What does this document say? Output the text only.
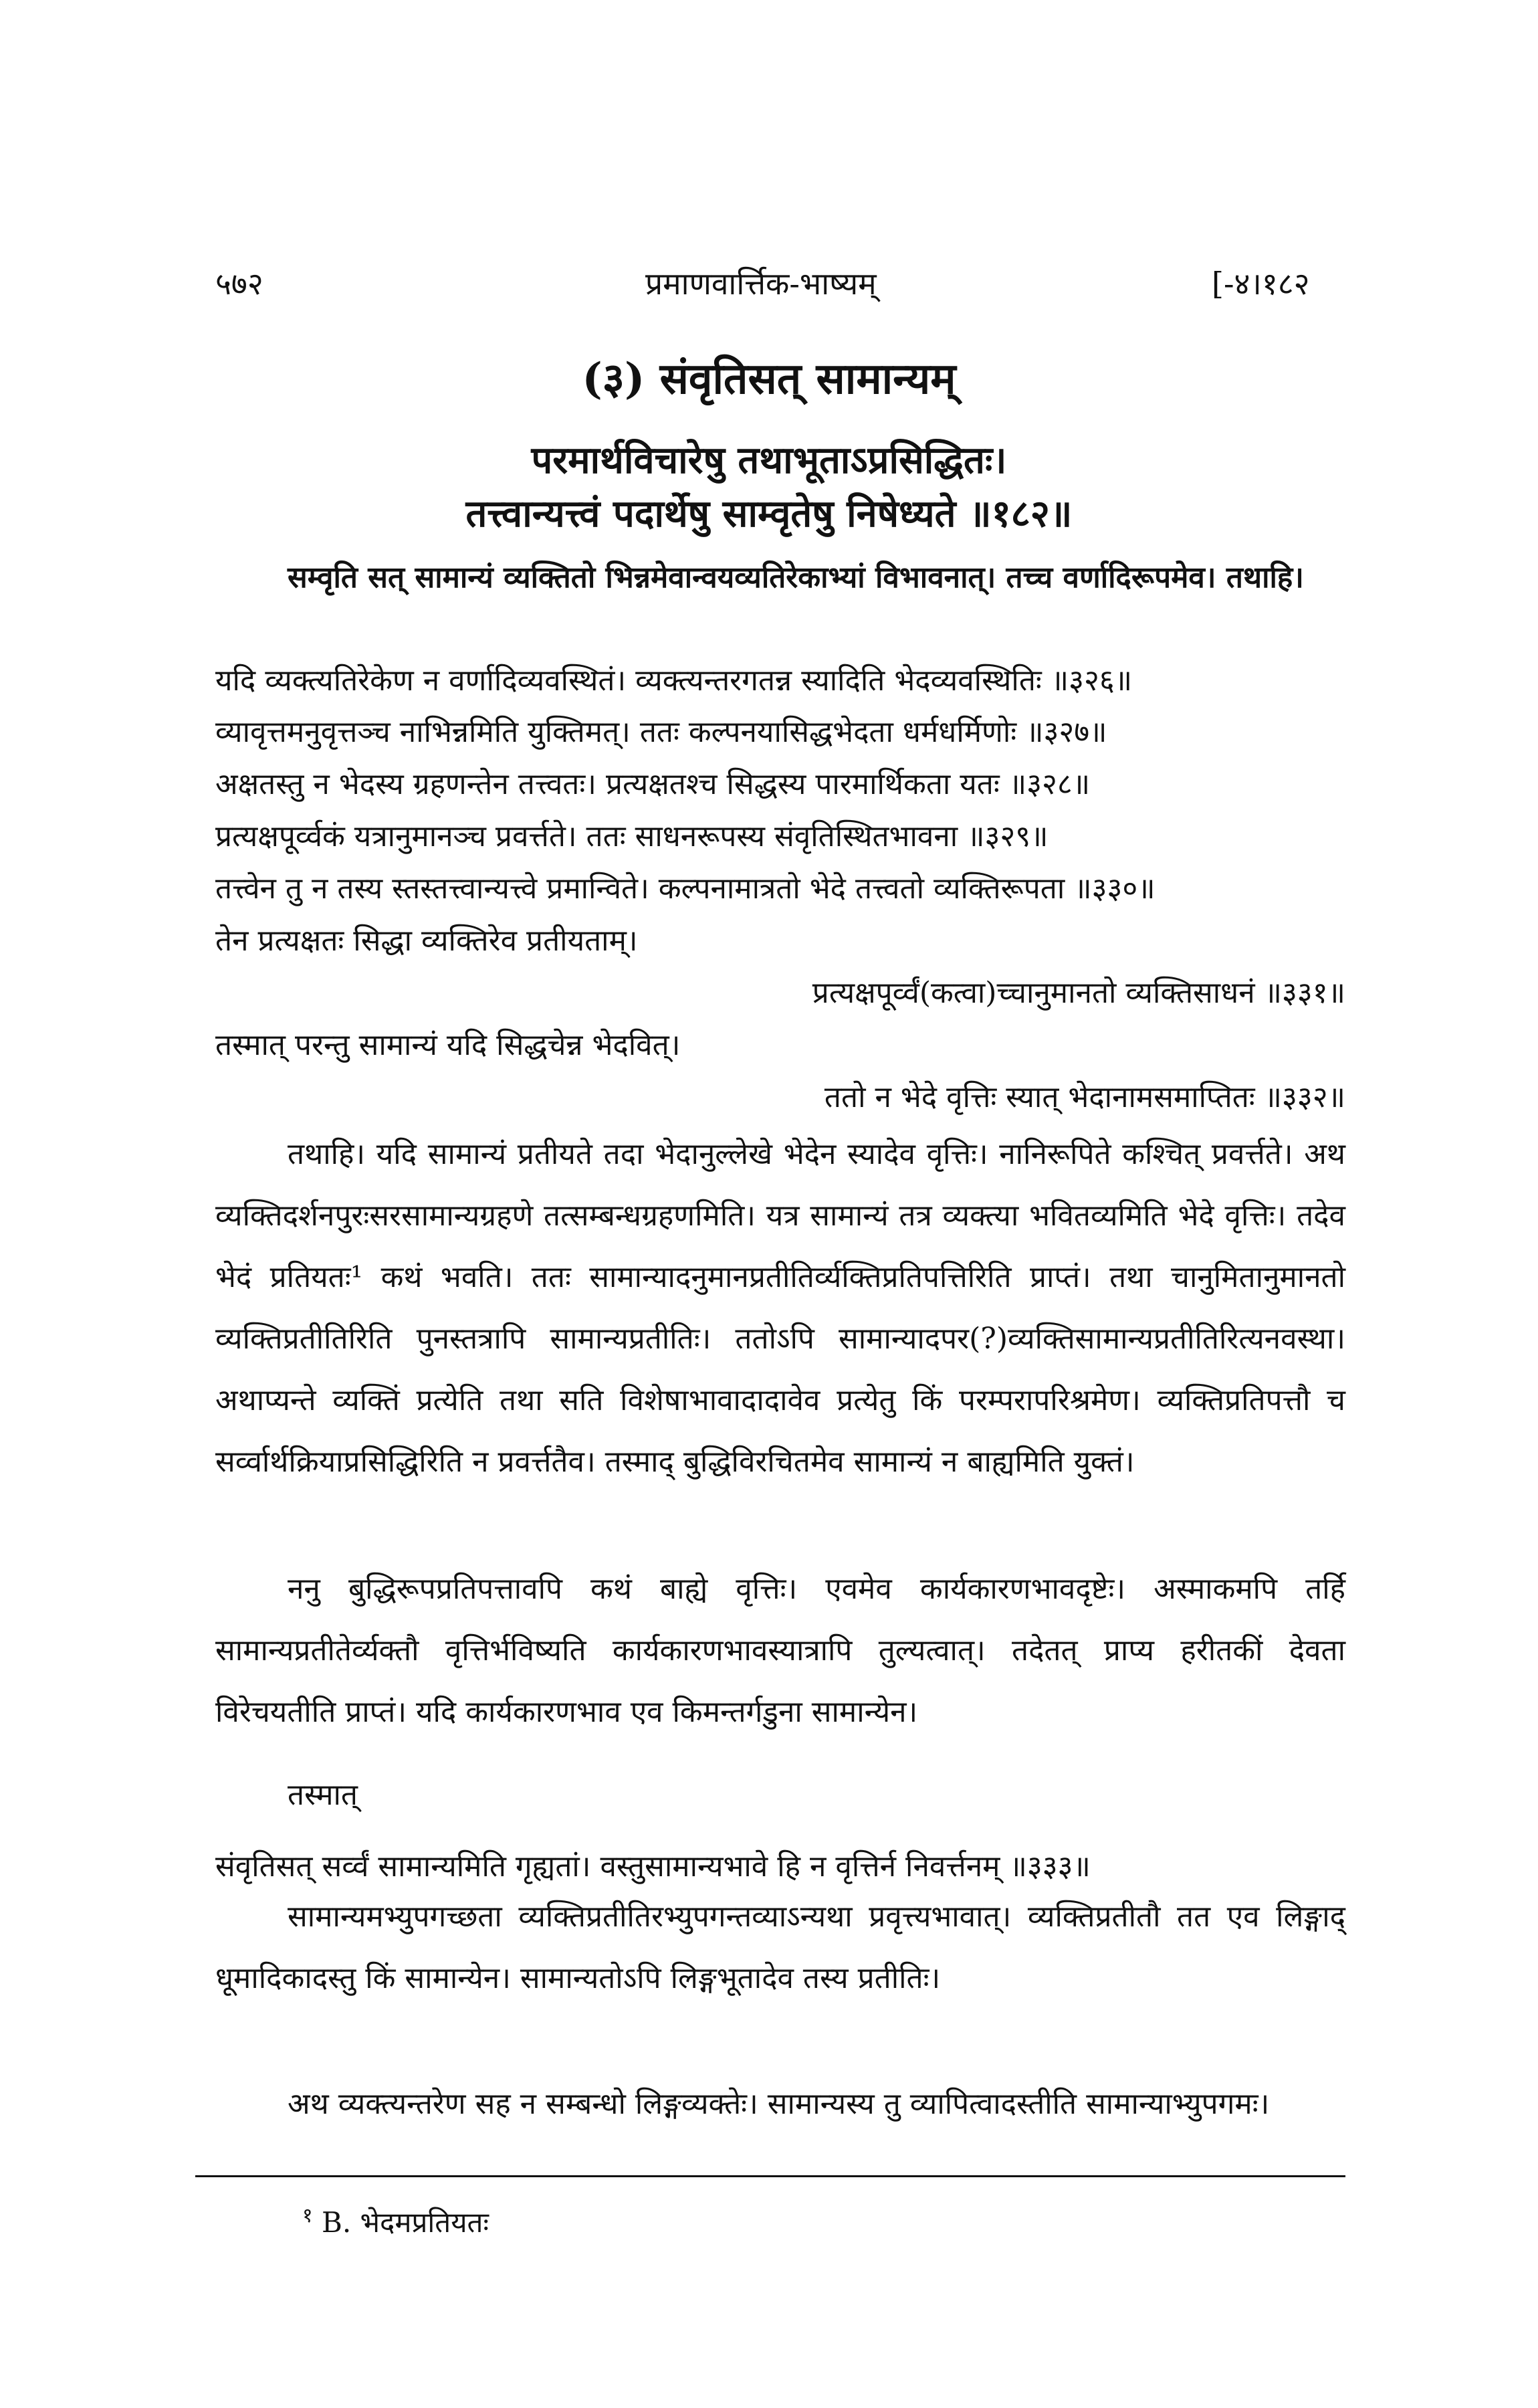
५७२	प्रमाणवार्त्तिक-भाष्यम्	[-४।१८२
(३) संवृतिसत् सामान्यम्
परमार्थविचारेषु तथाभूताऽप्रसिद्धितः।
तत्त्वान्यत्त्वं पदार्थेषु साम्वृतेषु निषेध्यते ॥१८२॥
सम्वृति सत् सामान्यं व्यक्तितो भिन्नमेवान्वयव्यतिरेकाभ्यां विभावनात्। तच्च वर्णादिरूपमेव। तथाहि।
यदि व्यक्त्यतिरेकेण न वर्णादिव्यवस्थितं। व्यक्त्यन्तरगतन्न स्यादिति भेदव्यवस्थितिः ॥३२६॥
व्यावृत्तमनुवृत्तञ्च नाभिन्नमिति युक्तिमत्। ततः कल्पनयासिद्धभेदता धर्मधर्मिणोः ॥३२७॥
अक्षतस्तु न भेदस्य ग्रहणन्तेन तत्त्वतः। प्रत्यक्षतश्च सिद्धस्य पारमार्थिकता यतः ॥३२८॥
प्रत्यक्षपूर्व्वकं यत्रानुमानञ्च प्रवर्त्तते। ततः साधनरूपस्य संवृतिस्थितभावना ॥३२९॥
तत्त्वेन तु न तस्य स्तस्तत्त्वान्यत्त्वे प्रमान्विते। कल्पनामात्रतो भेदे तत्त्वतो व्यक्तिरूपता ॥३३०॥
तेन प्रत्यक्षतः सिद्धा व्यक्तिरेव प्रतीयताम्।
प्रत्यक्षपूर्व्वं(कत्वा)च्चानुमानतो व्यक्तिसाधनं ॥३३१॥
तस्मात् परन्तु सामान्यं यदि सिद्धचेन्न भेदवित्।
ततो न भेदे वृत्तिः स्यात् भेदानामसमाप्तितः ॥३३२॥
तथाहि। यदि सामान्यं प्रतीयते तदा भेदानुल्लेखे भेदेन स्यादेव वृत्तिः। नानिरूपिते कश्चित् प्रवर्त्तते। अथ व्यक्तिदर्शनपुरःसरसामान्यग्रहणे तत्सम्बन्धग्रहणमिति। यत्र सामान्यं तत्र व्यक्त्या भवितव्यमिति भेदे वृत्तिः। तदेव भेदं प्रतियतः¹ कथं भवति। ततः सामान्यादनुमानप्रतीतिर्व्यक्तिप्रतिपत्तिरिति प्राप्तं। तथा चानुमितानुमानतो व्यक्तिप्रतीतिरिति पुनस्तत्रापि सामान्यप्रतीतिः। ततोऽपि सामान्यादपर(?)व्यक्तिसामान्यप्रतीतिरित्यनवस्था। अथाप्यन्ते व्यक्तिं प्रत्येति तथा सति विशेषाभावादादावेव प्रत्येतु किं परम्परापरिश्रमेण। व्यक्तिप्रतिपत्तौ च सर्व्वार्थक्रियाप्रसिद्धिरिति न प्रवर्त्ततैव। तस्माद् बुद्धिविरचितमेव सामान्यं न बाह्यमिति युक्तं।
ननु बुद्धिरूपप्रतिपत्तावपि कथं बाह्ये वृत्तिः। एवमेव कार्यकारणभावदृष्टेः। अस्माकमपि तर्हि सामान्यप्रतीतेर्व्यक्तौ वृत्तिर्भविष्यति कार्यकारणभावस्यात्रापि तुल्यत्वात्। तदेतत् प्राप्य हरीतकीं देवता विरेचयतीति प्राप्तं। यदि कार्यकारणभाव एव किमन्तर्गडुना सामान्येन।
तस्मात्
संवृतिसत् सर्व्वं सामान्यमिति गृह्यतां। वस्तुसामान्यभावे हि न वृत्तिर्न निवर्त्तनम् ॥३३३॥
सामान्यमभ्युपगच्छता व्यक्तिप्रतीतिरभ्युपगन्तव्याऽन्यथा प्रवृत्त्यभावात्। व्यक्तिप्रतीतौ तत एव लिङ्गाद् धूमादिकादस्तु किं सामान्येन। सामान्यतोऽपि लिङ्गभूतादेव तस्य प्रतीतिः।
अथ व्यक्त्यन्तरेण सह न सम्बन्धो लिङ्गव्यक्तेः। सामान्यस्य तु व्यापित्वादस्तीति सामान्याभ्युपगमः।
$^१$ B. भेदमप्रतियतः
